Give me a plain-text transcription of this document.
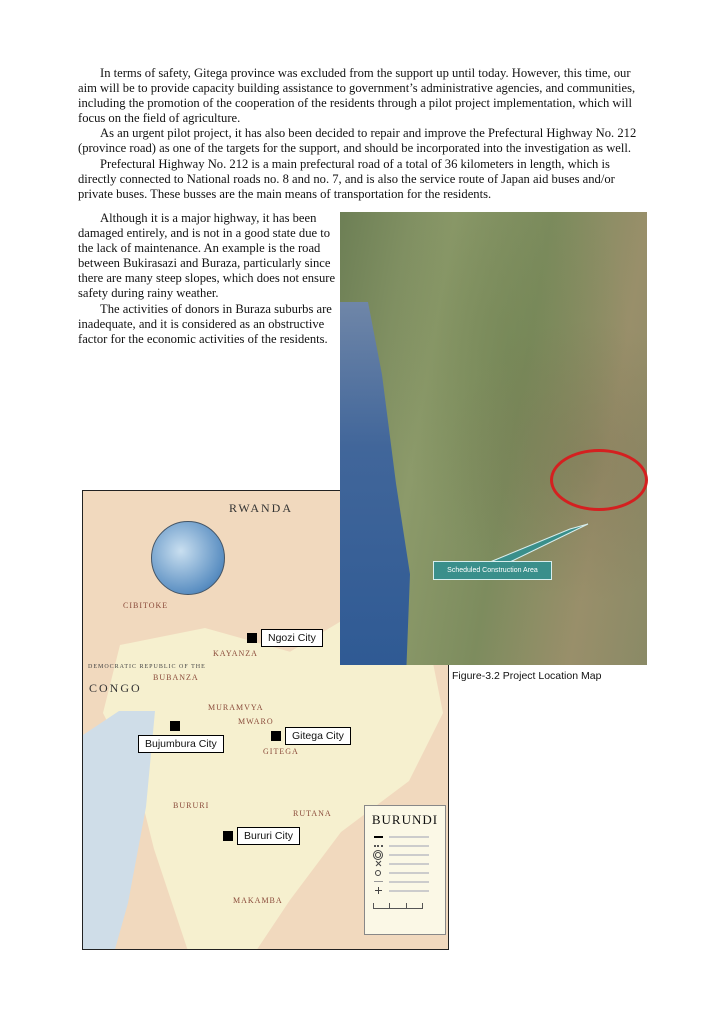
In terms of safety, Gitega province was excluded from the support up until today. However, this time, our aim will be to provide capacity building assistance to government’s administrative agencies, and communities, including the promotion of the cooperation of the residents through a pilot project implementation, which will focus on the field of agriculture.

As an urgent pilot project, it has also been decided to repair and improve the Prefectural Highway No. 212 (province road) as one of the targets for the support, and should be incorporated into the investigation as well.

Prefectural Highway No. 212 is a main prefectural road of a total of 36 kilometers in length, which is directly connected to National roads no. 8 and no. 7, and is also the service route of Japan aid buses and/or private buses. These busses are the main means of transportation for the residents.

Although it is a major highway, it has been damaged entirely, and is not in a good state due to the lack of maintenance. An example is the road between Bukirasazi and Buraza, particularly since there are many steep slopes, which does not ensure safety during rainy weather.

The activities of donors in Buraza suburbs are inadequate, and it is considered as an obstructive factor for the economic activities of the residents.

Scheduled Construction Area
Figure-3.2 Project Location Map
RWANDA
DEMOCRATIC REPUBLIC OF THE
CONGO
CIBITOKE
KAYANZA
BUBANZA
MURAMVYA
MWARO
GITEGA
BURURI
RUTANA
MAKAMBA
Ngozi City
Bujumbura City
Gitega City
Bururi City
BURUNDI
